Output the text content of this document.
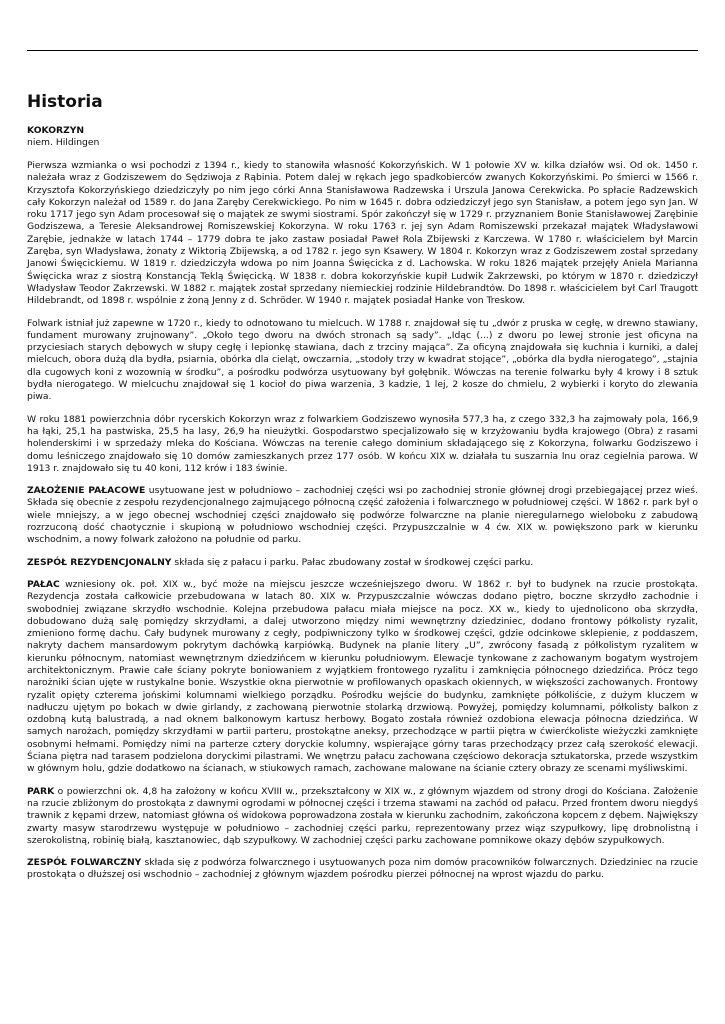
Historia
KOKORZYN
niem. Hildingen

Pierwsza wzmianka o wsi pochodzi z 1394 r., kiedy to stanowiła własność Kokorzyńskich. W 1 połowie XV w. kilka działów wsi. Od ok. 1450 r. należała wraz z Godziszewem do Sędziwoja z Rąbinia. Potem dalej w rękach jego spadkobierców zwanych Kokorzyńskimi. Po śmierci w 1566 r. Krzysztofa Kokorzyńskiego dziedziczyły po nim jego córki Anna Stanisławowa Radzewska i Urszula Janowa Cerekwicka. Po spłacie Radzewskich cały Kokorzyn należał od 1589 r. do Jana Zaręby Cerekwickiego. Po nim w 1645 r. dobra odziedziczył jego syn Stanisław, a potem jego syn Jan. W roku 1717 jego syn Adam procesował się o majątek ze swymi siostrami. Spór zakończył się w 1729 r. przyznaniem Bonie Stanisławowej Zarębinie Godziszewa, a Teresie Aleksandrowej Romiszewskiej Kokorzyna. W roku 1763 r. jej syn Adam Romiszewski przekazał majątek Władysławowi Zarębie, jednakże w latach 1744 – 1779 dobra te jako zastaw posiadał Paweł Rola Zbijewski z Karczewa. W 1780 r. właścicielem był Marcin Zaręba, syn Władysława, żonaty z Wiktorią Zbijewską, a od 1782 r. jego syn Ksawery. W 1804 r. Kokorzyn wraz z Godziszewem został sprzedany Janowi Święcickiemu. W 1819 r. dziedziczyła wdowa po nim Joanna Święcicka z d. Lachowska. W roku 1826 majątek przejęły Aniela Marianna Święcicka wraz z siostrą Konstancją Teklą Święcicką. W 1838 r. dobra kokorzyńskie kupił Ludwik Zakrzewski, po którym w 1870 r. dziedziczył Władysław Teodor Zakrzewski. W 1882 r. majątek został sprzedany niemieckiej rodzinie Hildebrandtów. Do 1898 r. właścicielem był Carl Traugott Hildebrandt, od 1898 r. wspólnie z żoną Jenny z d. Schröder. W 1940 r. majątek posiadał Hanke von Treskow.

Folwark istniał już zapewne w 1720 r., kiedy to odnotowano tu mielcuch. W 1788 r. znajdował się tu „dwór z pruska w cegłę, w drewno stawiany, fundament murowany zrujnowany”. „Około tego dworu na dwóch stronach są sady”. „Idąc (...) z dworu po lewej stronie jest oficyna na przyciesiach starych dębowych w słupy cegłę i lepionkę stawiana, dach z trzciny mająca”. Za oficyną znajdowała się kuchnia i kurniki, a dalej mielcuch, obora dużą dla bydła, psiarnia, obórka dla cieląt, owczarnia, „stodoły trzy w kwadrat stojące”, „obórka dla bydła nierogatego”, „stajnia dla cugowych koni z wozownią w środku”, a pośrodku podwórza usytuowany był gołębnik. Wówczas na terenie folwarku były 4 krowy i 8 sztuk bydła nierogatego. W mielcuchu znajdował się 1 kocioł do piwa warzenia, 3 kadzie, 1 lej, 2 kosze do chmielu, 2 wybierki i koryto do zlewania piwa.

W roku 1881 powierzchnia dóbr rycerskich Kokorzyn wraz z folwarkiem Godziszewo wynosiła 577,3 ha, z czego 332,3 ha zajmowały pola, 166,9 ha łąki, 25,1 ha pastwiska, 25,5 ha lasy, 26,9 ha nieużytki. Gospodarstwo specjalizowało się w krzyżowaniu bydła krajowego (Obra) z rasami holenderskimi i w sprzedaży mleka do Kościana. Wówczas na terenie całego dominium składającego się z Kokorzyna, folwarku Godziszewo i domu leśniczego znajdowało się 10 domów zamieszkanych przez 177 osób. W końcu XIX w. działała tu suszarnia lnu oraz cegielnia parowa. W 1913 r. znajdowało się tu 40 koni, 112 krów i 183 świnie.

ZAŁOŻENIE PAŁACOWE usytuowane jest w południowo – zachodniej części wsi po zachodniej stronie głównej drogi przebiegającej przez wieś. Składa się obecnie z zespołu rezydencjonalnego zajmującego północną część założenia i folwarcznego w południowej części. W 1862 r. park był o wiele mniejszy, a w jego obecnej wschodniej części znajdowało się podwórze folwarczne na planie nieregularnego wieloboku z zabudową rozrzuconą dość chaotycznie i skupioną w południowo wschodniej części. Przypuszczalnie w 4 ćw. XIX w. powiększono park w kierunku wschodnim, a nowy folwark założono na południe od parku.

ZESPÓŁ REZYDENCJONALNY składa się z pałacu i parku. Pałac zbudowany został w środkowej części parku.

PAŁAC wzniesiony ok. poł. XIX w., być może na miejscu jeszcze wcześniejszego dworu. W 1862 r. był to budynek na rzucie prostokąta. Rezydencja została całkowicie przebudowana w latach 80. XIX w. Przypuszczalnie wówczas dodano piętro, boczne skrzydło zachodnie i swobodniej związane skrzydło wschodnie. Kolejna przebudowa pałacu miała miejsce na pocz. XX w., kiedy to ujednolicono oba skrzydła, dobudowano dużą salę pomiędzy skrzydłami, a dalej utworzono między nimi wewnętrzny dziedziniec, dodano frontowy półkolisty ryzalit, zmieniono formę dachu. Cały budynek murowany z cegły, podpiwniczony tylko w środkowej części, gdzie odcinkowe sklepienie, z poddaszem, nakryty dachem mansardowym pokrytym dachówką karpiówką. Budynek na planie litery „U”, zwrócony fasadą z półkolistym ryzalitem w kierunku północnym, natomiast wewnętrznym dziedzińcem w kierunku południowym. Elewacje tynkowane z zachowanym bogatym wystrojem architektonicznym. Prawie całe ściany pokryte boniowaniem z wyjątkiem frontowego ryzalitu i zamknięcia północnego dziedzińca. Prócz tego narożniki ścian ujęte w rustykalne bonie. Wszystkie okna pierwotnie w profilowanych opaskach okiennych, w większości zachowanych. Frontowy ryzalit opięty czterema jońskimi kolumnami wielkiego porządku. Pośrodku wejście do budynku, zamknięte półkoliście, z dużym kluczem w nadłuczu ujętym po bokach w dwie girlandy, z zachowaną pierwotnie stolarką drzwiową. Powyżej, pomiędzy kolumnami, półkolisty balkon z ozdobną kutą balustradą, a nad oknem balkonowym kartusz herbowy. Bogato została również ozdobiona elewacja północna dziedzińca. W samych narożach, pomiędzy skrzydłami w partii parteru, prostokątne aneksy, przechodzące w partii piętra w ćwierćkoliste wieżyczki zamknięte osobnymi hełmami. Pomiędzy nimi na parterze cztery doryckie kolumny, wspierające górny taras przechodzący przez całą szerokość elewacji. Ściana piętra nad tarasem podzielona doryckimi pilastrami. We wnętrzu pałacu zachowana częściowo dekoracja sztukatorska, przede wszystkim w głównym holu, gdzie dodatkowo na ścianach, w stiukowych ramach, zachowane malowane na ścianie cztery obrazy ze scenami myśliwskimi.

PARK o powierzchni ok. 4,8 ha założony w końcu XVIII w., przekształcony w XIX w., z głównym wjazdem od strony drogi do Kościana. Założenie na rzucie zbliżonym do prostokąta z dawnymi ogrodami w północnej części i trzema stawami na zachód od pałacu. Przed frontem dworu niegdyś trawnik z kępami drzew, natomiast główna oś widokowa poprowadzona została w kierunku zachodnim, zakończona kopcem z dębem. Największy zwarty masyw starodrzewu występuje w południowo – zachodniej części parku, reprezentowany przez wiąz szypułkowy, lipę drobnolistną i szerokolistną, robinię białą, kasztanowiec, dąb szypułkowy. W zachodniej części parku zachowane pomnikowe okazy dębów szypułkowych.

ZESPÓŁ FOLWARCZNY składa się z podwórza folwarcznego i usytuowanych poza nim domów pracowników folwarcznych. Dziedziniec na rzucie prostokąta o dłuższej osi wschodnio – zachodniej z głównym wjazdem pośrodku pierzei północnej na wprost wjazdu do parku.
